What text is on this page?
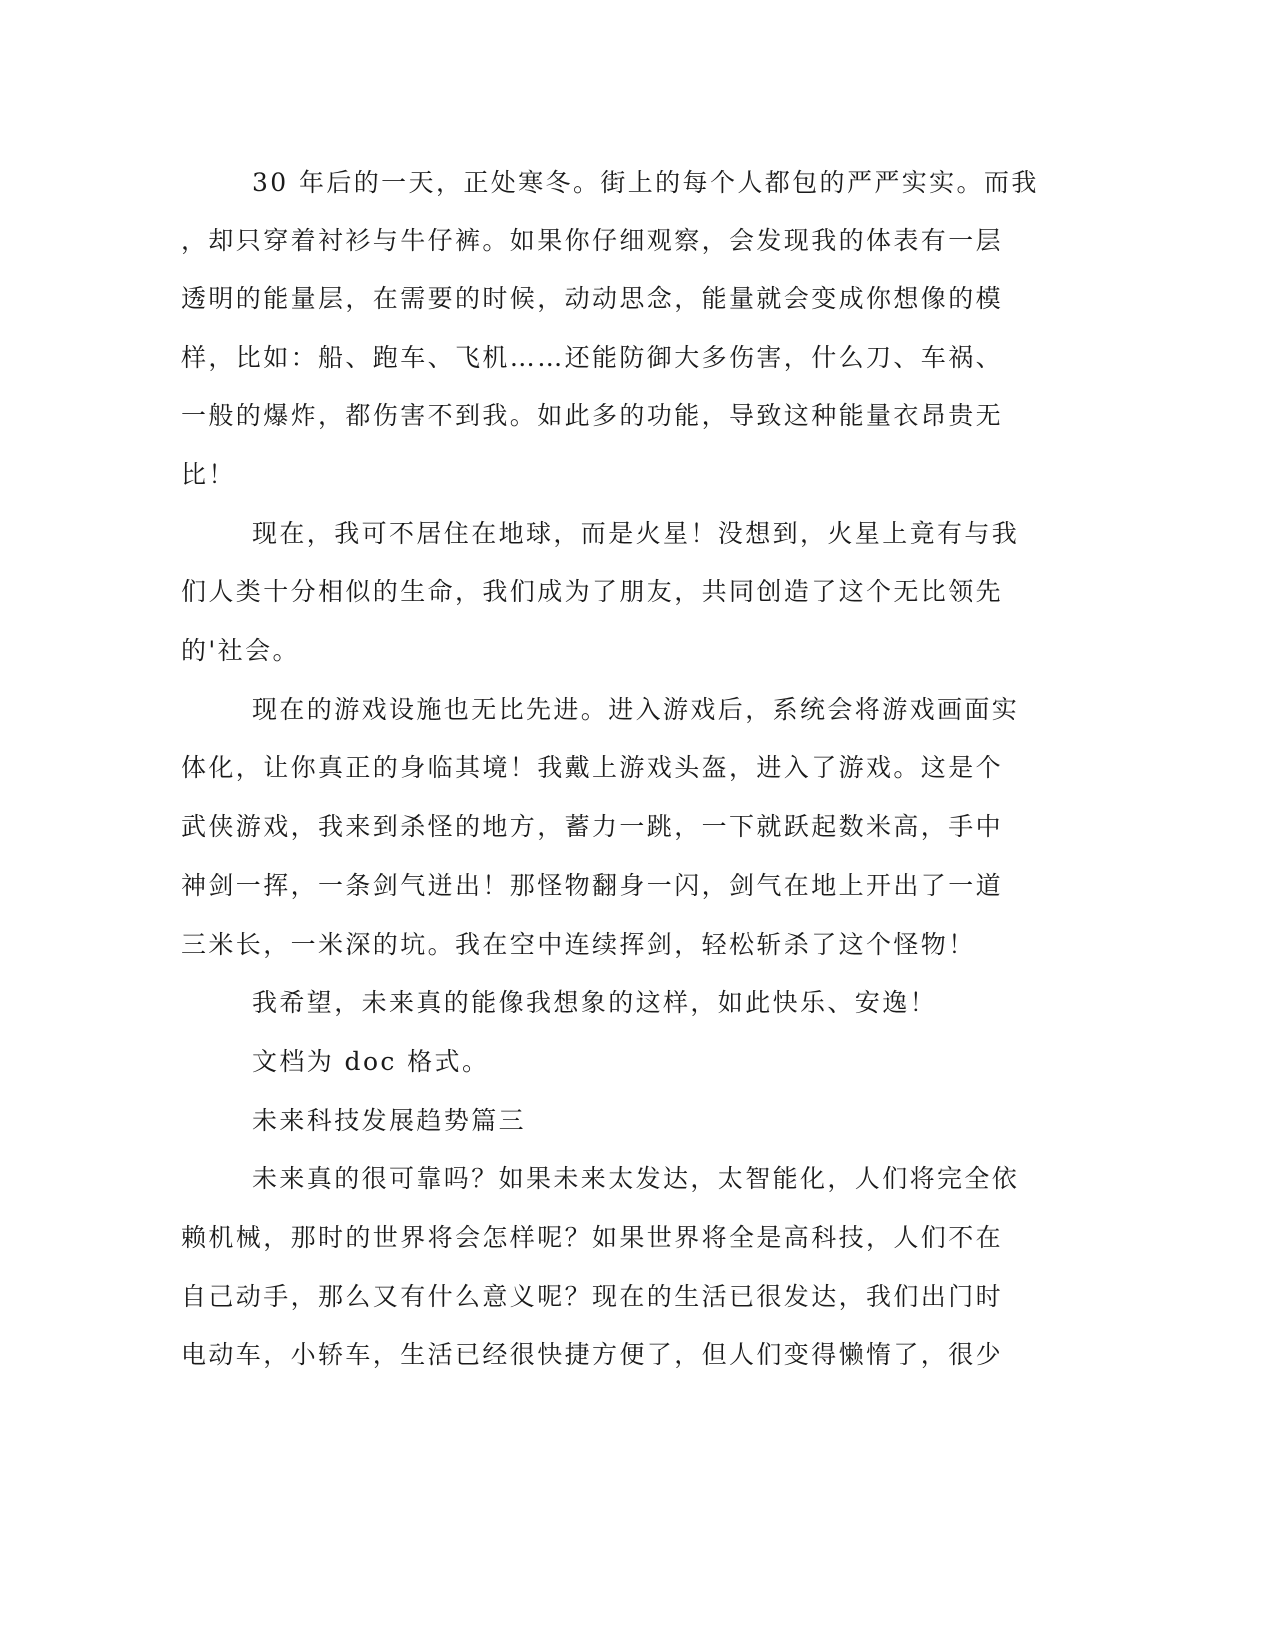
30 年后的一天，正处寒冬。街上的每个人都包的严严实实。而我
，却只穿着衬衫与牛仔裤。如果你仔细观察，会发现我的体表有一层
透明的能量层，在需要的时候，动动思念，能量就会变成你想像的模
样，比如：船、跑车、飞机……还能防御大多伤害，什么刀、车祸、
一般的爆炸，都伤害不到我。如此多的功能，导致这种能量衣昂贵无
比！
现在，我可不居住在地球，而是火星！没想到，火星上竟有与我
们人类十分相似的生命，我们成为了朋友，共同创造了这个无比领先
的'社会。
现在的游戏设施也无比先进。进入游戏后，系统会将游戏画面实
体化，让你真正的身临其境！我戴上游戏头盔，进入了游戏。这是个
武侠游戏，我来到杀怪的地方，蓄力一跳，一下就跃起数米高，手中
神剑一挥，一条剑气迸出！那怪物翻身一闪，剑气在地上开出了一道
三米长，一米深的坑。我在空中连续挥剑，轻松斩杀了这个怪物！
我希望，未来真的能像我想象的这样，如此快乐、安逸！
文档为 doc 格式。
未来科技发展趋势篇三
未来真的很可靠吗？如果未来太发达，太智能化，人们将完全依
赖机械，那时的世界将会怎样呢？如果世界将全是高科技，人们不在
自己动手，那么又有什么意义呢？现在的生活已很发达，我们出门时
电动车，小轿车，生活已经很快捷方便了，但人们变得懒惰了，很少
